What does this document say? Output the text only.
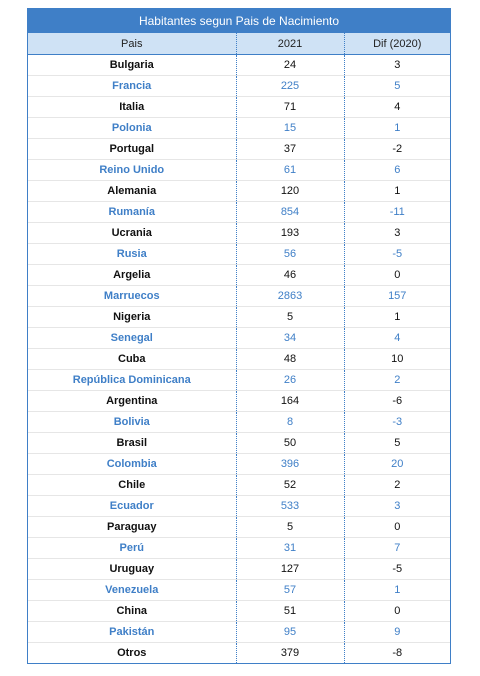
Habitantes segun Pais de Nacimiento
Pais	2021	Dif (2020)
Bulgaria	24	3
Francia	225	5
Italia	71	4
Polonia	15	1
Portugal	37	-2
Reino Unido	61	6
Alemania	120	1
Rumanía	854	-11
Ucrania	193	3
Rusia	56	-5
Argelia	46	0
Marruecos	2863	157
Nigeria	5	1
Senegal	34	4
Cuba	48	10
República Dominicana	26	2
Argentina	164	-6
Bolivia	8	-3
Brasil	50	5
Colombia	396	20
Chile	52	2
Ecuador	533	3
Paraguay	5	0
Perú	31	7
Uruguay	127	-5
Venezuela	57	1
China	51	0
Pakistán	95	9
Otros	379	-8
